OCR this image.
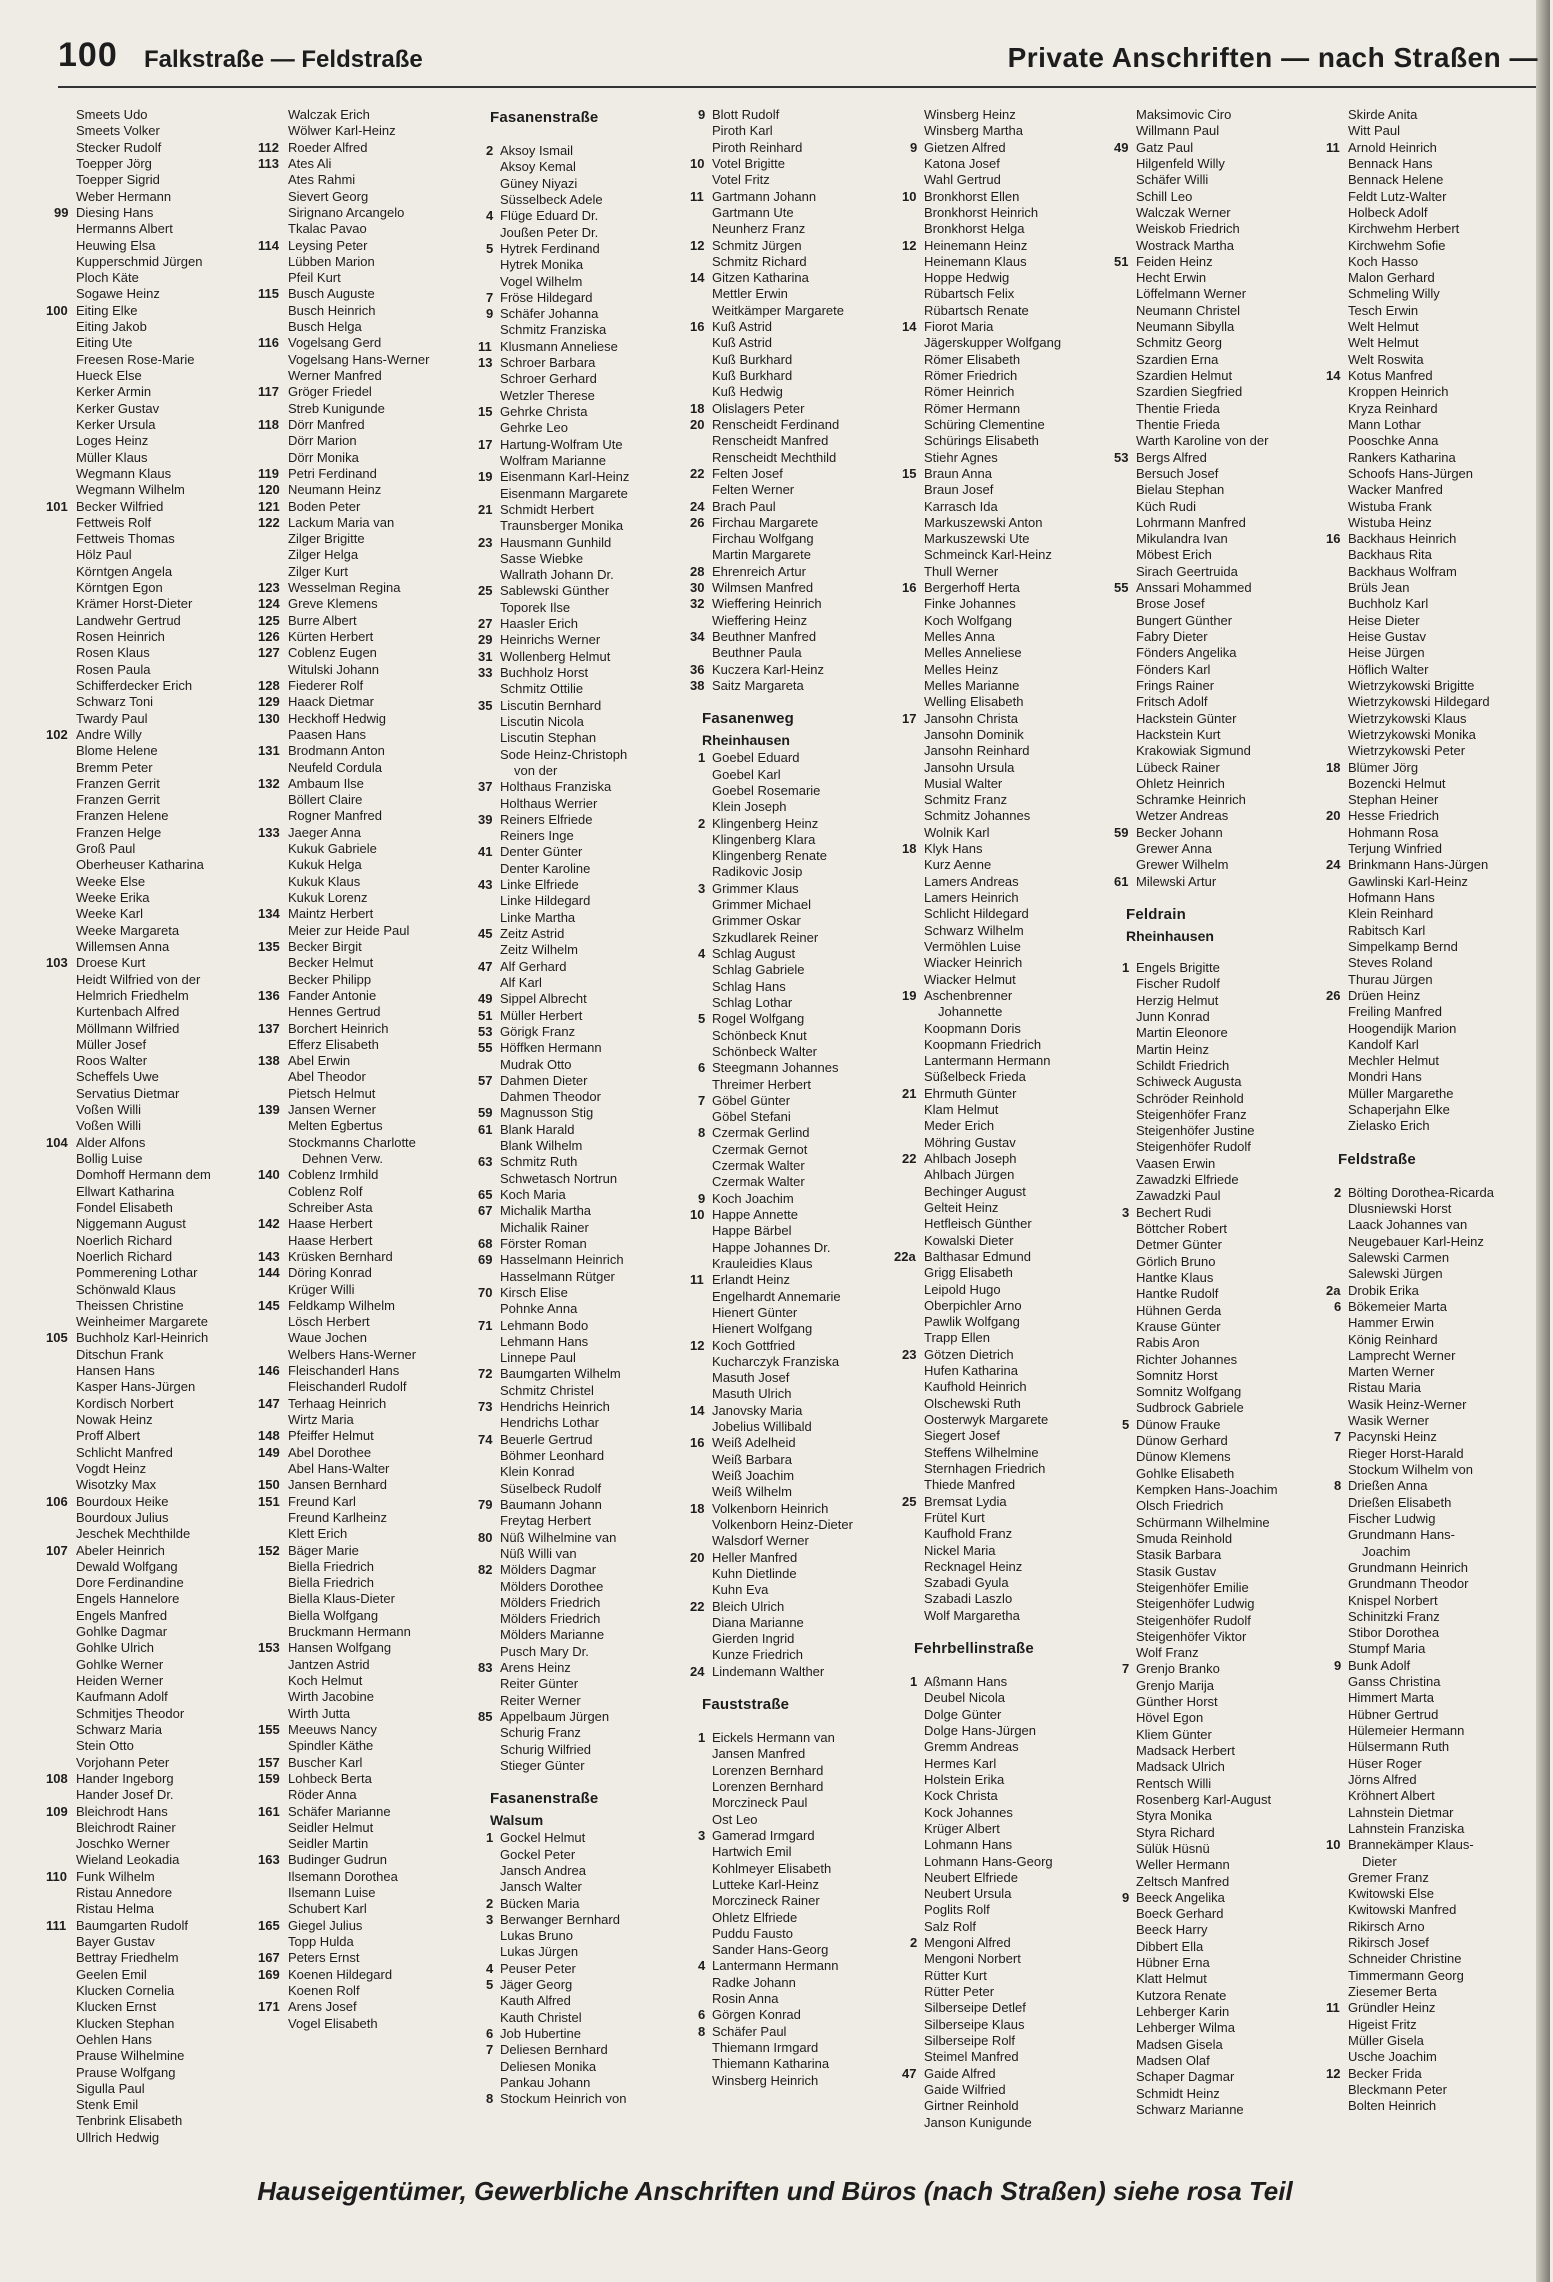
100 Falkstraße — Feldstraße	Private Anschriften — nach Straßen —
Smeets Udo
Smeets Volker
Stecker Rudolf
Toepper Jörg
Toepper Sigrid
Weber Hermann
99 Diesing Hans
Hermanns Albert
Heuwing Elsa
Kupperschmid Jürgen
Ploch Käte
Sogawe Heinz
100 Eiting Elke
Eiting Jakob
Eiting Ute
Freesen Rose-Marie
Hueck Else
Kerker Armin
Kerker Gustav
Kerker Ursula
Loges Heinz
Müller Klaus
Wegmann Klaus
Wegmann Wilhelm
101 Becker Wilfried
Fettweis Rolf
Fettweis Thomas
Hölz Paul
Körntgen Angela
Körntgen Egon
Krämer Horst-Dieter
Landwehr Gertrud
Rosen Heinrich
Rosen Klaus
Rosen Paula
Schifferdecker Erich
Schwarz Toni
Twardy Paul
102 Andre Willy
Blome Helene
Bremm Peter
Franzen Gerrit
Franzen Gerrit
Franzen Helene
Franzen Helge
Groß Paul
Oberheuser Katharina
Weeke Else
Weeke Erika
Weeke Karl
Weeke Margareta
Willemsen Anna
103 Droese Kurt
Heidt Wilfried von der
Helmrich Friedhelm
Kurtenbach Alfred
Möllmann Wilfried
Müller Josef
Roos Walter
Scheffels Uwe
Servatius Dietmar
Voßen Willi
Voßen Willi
104 Alder Alfons
Bollig Luise
Domhoff Hermann dem
Ellwart Katharina
Fondel Elisabeth
Niggemann August
Noerlich Richard
Noerlich Richard
Pommerening Lothar
Schönwald Klaus
Theissen Christine
Weinheimer Margarete
105 Buchholz Karl-Heinrich
Ditschun Frank
Hansen Hans
Kasper Hans-Jürgen
Kordisch Norbert
Nowak Heinz
Proff Albert
Schlicht Manfred
Vogdt Heinz
Wisotzky Max
106 Bourdoux Heike
Bourdoux Julius
Jeschek Mechthilde
107 Abeler Heinrich
Dewald Wolfgang
Dore Ferdinandine
Engels Hannelore
Engels Manfred
Gohlke Dagmar
Gohlke Ulrich
Gohlke Werner
Heiden Werner
Kaufmann Adolf
Schmitjes Theodor
Schwarz Maria
Stein Otto
Vorjohann Peter
108 Hander Ingeborg
Hander Josef Dr.
109 Bleichrodt Hans
Bleichrodt Rainer
Joschko Werner
Wieland Leokadia
110 Funk Wilhelm
Ristau Annedore
Ristau Helma
111 Baumgarten Rudolf
Bayer Gustav
Bettray Friedhelm
Geelen Emil
Klucken Cornelia
Klucken Ernst
Klucken Stephan
Oehlen Hans
Prause Wilhelmine
Prause Wolfgang
Sigulla Paul
Stenk Emil
Tenbrink Elisabeth
Ullrich Hedwig
Walczak Erich
Wölwer Karl-Heinz
112 Roeder Alfred
113 Ates Ali
Ates Rahmi
Sievert Georg
Sirignano Arcangelo
Tkalac Pavao
114 Leysing Peter
Lübben Marion
Pfeil Kurt
115 Busch Auguste
Busch Heinrich
Busch Helga
116 Vogelsang Gerd
Vogelsang Hans-Werner
Werner Manfred
117 Gröger Friedel
Streb Kunigunde
118 Dörr Manfred
Dörr Marion
Dörr Monika
119 Petri Ferdinand
120 Neumann Heinz
121 Boden Peter
122 Lackum Maria van
Zilger Brigitte
Zilger Helga
Zilger Kurt
123 Wesselman Regina
124 Greve Klemens
125 Burre Albert
126 Kürten Herbert
127 Coblenz Eugen
Witulski Johann
128 Fiederer Rolf
129 Haack Dietmar
130 Heckhoff Hedwig
Paasen Hans
131 Brodmann Anton
Neufeld Cordula
132 Ambaum Ilse
Böllert Claire
Rogner Manfred
133 Jaeger Anna
Kukuk Gabriele
Kukuk Helga
Kukuk Klaus
Kukuk Lorenz
134 Maintz Herbert
Meier zur Heide Paul
135 Becker Birgit
Becker Helmut
Becker Philipp
136 Fander Antonie
Hennes Gertrud
137 Borchert Heinrich
Efferz Elisabeth
138 Abel Erwin
Abel Theodor
Pietsch Helmut
139 Jansen Werner
Melten Egbertus
Stockmanns Charlotte
Dehnen Verw.
140 Coblenz Irmhild
Coblenz Rolf
Schreiber Asta
142 Haase Herbert
Haase Herbert
143 Krüsken Bernhard
144 Döring Konrad
Krüger Willi
145 Feldkamp Wilhelm
Lösch Herbert
Waue Jochen
Welbers Hans-Werner
146 Fleischanderl Hans
Fleischanderl Rudolf
147 Terhaag Heinrich
Wirtz Maria
148 Pfeiffer Helmut
149 Abel Dorothee
Abel Hans-Walter
150 Jansen Bernhard
151 Freund Karl
Freund Karlheinz
Klett Erich
152 Bäger Marie
Biella Friedrich
Biella Friedrich
Biella Klaus-Dieter
Biella Wolfgang
Bruckmann Hermann
153 Hansen Wolfgang
Jantzen Astrid
Koch Helmut
Wirth Jacobine
Wirth Jutta
155 Meeuws Nancy
Spindler Käthe
157 Buscher Karl
159 Lohbeck Berta
Röder Anna
161 Schäfer Marianne
Seidler Helmut
Seidler Martin
163 Budinger Gudrun
Ilsemann Dorothea
Ilsemann Luise
Schubert Karl
165 Giegel Julius
Topp Hulda
167 Peters Ernst
169 Koenen Hildegard
Koenen Rolf
171 Arens Josef
Vogel Elisabeth
Fasanenstraße
2 Aksoy Ismail
Aksoy Kemal
Güney Niyazi
Süsselbeck Adele
4 Flüge Eduard Dr.
Joußen Peter Dr.
5 Hytrek Ferdinand
Hytrek Monika
Vogel Wilhelm
7 Fröse Hildegard
9 Schäfer Johanna
Schmitz Franziska
11 Klusmann Anneliese
13 Schroer Barbara
Schroer Gerhard
Wetzler Therese
15 Gehrke Christa
Gehrke Leo
17 Hartung-Wolfram Ute
Wolfram Marianne
19 Eisenmann Karl-Heinz
Eisenmann Margarete
21 Schmidt Herbert
Traunsberger Monika
23 Hausmann Gunhild
Sasse Wiebke
Wallrath Johann Dr.
25 Sablewski Günther
Toporek Ilse
27 Haasler Erich
29 Heinrichs Werner
31 Wollenberg Helmut
33 Buchholz Horst
Schmitz Ottilie
35 Liscutin Bernhard
Liscutin Nicola
Liscutin Stephan
Sode Heinz-Christoph
von der
37 Holthaus Franziska
Holthaus Werrier
39 Reiners Elfriede
Reiners Inge
41 Denter Günter
Denter Karoline
43 Linke Elfriede
Linke Hildegard
Linke Martha
45 Zeitz Astrid
Zeitz Wilhelm
47 Alf Gerhard
Alf Karl
49 Sippel Albrecht
51 Müller Herbert
53 Görigk Franz
55 Höffken Hermann
Mudrak Otto
57 Dahmen Dieter
Dahmen Theodor
59 Magnusson Stig
61 Blank Harald
Blank Wilhelm
63 Schmitz Ruth
Schwetasch Nortrun
65 Koch Maria
67 Michalik Martha
Michalik Rainer
68 Förster Roman
69 Hasselmann Heinrich
Hasselmann Rütger
70 Kirsch Elise
Pohnke Anna
71 Lehmann Bodo
Lehmann Hans
Linnepe Paul
72 Baumgarten Wilhelm
Schmitz Christel
73 Hendrichs Heinrich
Hendrichs Lothar
74 Beuerle Gertrud
Böhmer Leonhard
Klein Konrad
Süselbeck Rudolf
79 Baumann Johann
Freytag Herbert
80 Nüß Wilhelmine van
Nüß Willi van
82 Mölders Dagmar
Mölders Dorothee
Mölders Friedrich
Mölders Friedrich
Mölders Marianne
Pusch Mary Dr.
83 Arens Heinz
Reiter Günter
Reiter Werner
85 Appelbaum Jürgen
Schurig Franz
Schurig Wilfried
Stieger Günter
Fasanenstraße
Walsum
1 Gockel Helmut
Gockel Peter
Jansch Andrea
Jansch Walter
2 Bücken Maria
3 Berwanger Bernhard
Lukas Bruno
Lukas Jürgen
4 Peuser Peter
5 Jäger Georg
Kauth Alfred
Kauth Christel
6 Job Hubertine
7 Deliesen Bernhard
Deliesen Monika
Pankau Johann
8 Stockum Heinrich von
9 Blott Rudolf
Piroth Karl
Piroth Reinhard
10 Votel Brigitte
Votel Fritz
11 Gartmann Johann
Gartmann Ute
Neunherz Franz
12 Schmitz Jürgen
Schmitz Richard
14 Gitzen Katharina
Mettler Erwin
Weitkämper Margarete
16 Kuß Astrid
Kuß Astrid
Kuß Burkhard
Kuß Burkhard
Kuß Hedwig
18 Olislagers Peter
20 Renscheidt Ferdinand
Renscheidt Manfred
Renscheidt Mechthild
22 Felten Josef
Felten Werner
24 Brach Paul
26 Firchau Margarete
Firchau Wolfgang
Martin Margarete
28 Ehrenreich Artur
30 Wilmsen Manfred
32 Wieffering Heinrich
Wieffering Heinz
34 Beuthner Manfred
Beuthner Paula
36 Kuczera Karl-Heinz
38 Saitz Margareta
Fasanenweg
Rheinhausen
1 Goebel Eduard
Goebel Karl
Goebel Rosemarie
Klein Joseph
2 Klingenberg Heinz
Klingenberg Klara
Klingenberg Renate
Radikovic Josip
3 Grimmer Klaus
Grimmer Michael
Grimmer Oskar
Szkudlarek Reiner
4 Schlag August
Schlag Gabriele
Schlag Hans
Schlag Lothar
5 Rogel Wolfgang
Schönbeck Knut
Schönbeck Walter
6 Steegmann Johannes
Threimer Herbert
7 Göbel Günter
Göbel Stefani
8 Czermak Gerlind
Czermak Gernot
Czermak Walter
Czermak Walter
9 Koch Joachim
10 Happe Annette
Happe Bärbel
Happe Johannes Dr.
Krauleidies Klaus
11 Erlandt Heinz
Engelhardt Annemarie
Hienert Günter
Hienert Wolfgang
12 Koch Gottfried
Kucharczyk Franziska
Masuth Josef
Masuth Ulrich
14 Janovsky Maria
Jobelius Willibald
16 Weiß Adelheid
Weiß Barbara
Weiß Joachim
Weiß Wilhelm
18 Volkenborn Heinrich
Volkenborn Heinz-Dieter
Walsdorf Werner
20 Heller Manfred
Kuhn Dietlinde
Kuhn Eva
22 Bleich Ulrich
Diana Marianne
Gierden Ingrid
Kunze Friedrich
24 Lindemann Walther
Fauststraße
1 Eickels Hermann van
Jansen Manfred
Lorenzen Bernhard
Lorenzen Bernhard
Morczineck Paul
Ost Leo
3 Gamerad Irmgard
Hartwich Emil
Kohlmeyer Elisabeth
Lutteke Karl-Heinz
Morczineck Rainer
Ohletz Elfriede
Puddu Fausto
Sander Hans-Georg
4 Lantermann Hermann
Radke Johann
Rosin Anna
6 Görgen Konrad
8 Schäfer Paul
Thiemann Irmgard
Thiemann Katharina
Winsberg Heinrich
Winsberg Heinz
Winsberg Martha
9 Gietzen Alfred
Katona Josef
Wahl Gertrud
10 Bronkhorst Ellen
Bronkhorst Heinrich
Bronkhorst Helga
12 Heinemann Heinz
Heinemann Klaus
Hoppe Hedwig
Rübartsch Felix
Rübartsch Renate
14 Fiorot Maria
Jägerskupper Wolfgang
Römer Elisabeth
Römer Friedrich
Römer Heinrich
Römer Hermann
Schüring Clementine
Schürings Elisabeth
Stiehr Agnes
15 Braun Anna
Braun Josef
Karrasch Ida
Markuszewski Anton
Markuszewski Ute
Schmeinck Karl-Heinz
Thull Werner
16 Bergerhoff Herta
Finke Johannes
Koch Wolfgang
Melles Anna
Melles Anneliese
Melles Heinz
Melles Marianne
Welling Elisabeth
17 Jansohn Christa
Jansohn Dominik
Jansohn Reinhard
Jansohn Ursula
Musial Walter
Schmitz Franz
Schmitz Johannes
Wolnik Karl
18 Klyk Hans
Kurz Aenne
Lamers Andreas
Lamers Heinrich
Schlicht Hildegard
Schwarz Wilhelm
Vermöhlen Luise
Wiacker Heinrich
Wiacker Helmut
19 Aschenbrenner
Johannette
Koopmann Doris
Koopmann Friedrich
Lantermann Hermann
Süßelbeck Frieda
21 Ehrmuth Günter
Klam Helmut
Meder Erich
Möhring Gustav
22 Ahlbach Joseph
Ahlbach Jürgen
Bechinger August
Gelteit Heinz
Hetfleisch Günther
Kowalski Dieter
22a Balthasar Edmund
Grigg Elisabeth
Leipold Hugo
Oberpichler Arno
Pawlik Wolfgang
Trapp Ellen
23 Götzen Dietrich
Hufen Katharina
Kaufhold Heinrich
Olschewski Ruth
Oosterwyk Margarete
Siegert Josef
Steffens Wilhelmine
Sternhagen Friedrich
Thiede Manfred
25 Bremsat Lydia
Frütel Kurt
Kaufhold Franz
Nickel Maria
Recknagel Heinz
Szabadi Gyula
Szabadi Laszlo
Wolf Margaretha
Fehrbellinstraße
1 Aßmann Hans
Deubel Nicola
Dolge Günter
Dolge Hans-Jürgen
Gremm Andreas
Hermes Karl
Holstein Erika
Kock Christa
Kock Johannes
Krüger Albert
Lohmann Hans
Lohmann Hans-Georg
Neubert Elfriede
Neubert Ursula
Poglits Rolf
Salz Rolf
2 Mengoni Alfred
Mengoni Norbert
Rütter Kurt
Rütter Peter
Silberseipe Detlef
Silberseipe Klaus
Silberseipe Rolf
Steimel Manfred
47 Gaide Alfred
Gaide Wilfried
Girtner Reinhold
Janson Kunigunde
Maksimovic Ciro
Willmann Paul
49 Gatz Paul
Hilgenfeld Willy
Schäfer Willi
Schill Leo
Walczak Werner
Weiskob Friedrich
Wostrack Martha
51 Feiden Heinz
Hecht Erwin
Löffelmann Werner
Neumann Christel
Neumann Sibylla
Schmitz Georg
Szardien Erna
Szardien Helmut
Szardien Siegfried
Thentie Frieda
Thentie Frieda
Warth Karoline von der
53 Bergs Alfred
Bersuch Josef
Bielau Stephan
Küch Rudi
Lohrmann Manfred
Mikulandra Ivan
Möbest Erich
Sirach Geertruida
55 Anssari Mohammed
Brose Josef
Bungert Günther
Fabry Dieter
Fönders Angelika
Fönders Karl
Frings Rainer
Fritsch Adolf
Hackstein Günter
Hackstein Kurt
Krakowiak Sigmund
Lübeck Rainer
Ohletz Heinrich
Schramke Heinrich
Wetzer Andreas
59 Becker Johann
Grewer Anna
Grewer Wilhelm
61 Milewski Artur
Feldrain
Rheinhausen
1 Engels Brigitte
Fischer Rudolf
Herzig Helmut
Junn Konrad
Martin Eleonore
Martin Heinz
Schildt Friedrich
Schiweck Augusta
Schröder Reinhold
Steigenhöfer Franz
Steigenhöfer Justine
Steigenhöfer Rudolf
Vaasen Erwin
Zawadzki Elfriede
Zawadzki Paul
3 Bechert Rudi
Böttcher Robert
Detmer Günter
Görlich Bruno
Hantke Klaus
Hantke Rudolf
Hühnen Gerda
Krause Günter
Rabis Aron
Richter Johannes
Somnitz Horst
Somnitz Wolfgang
Sudbrock Gabriele
5 Dünow Frauke
Dünow Gerhard
Dünow Klemens
Gohlke Elisabeth
Kempken Hans-Joachim
Olsch Friedrich
Schürmann Wilhelmine
Smuda Reinhold
Stasik Barbara
Stasik Gustav
Steigenhöfer Emilie
Steigenhöfer Ludwig
Steigenhöfer Rudolf
Steigenhöfer Viktor
Wolf Franz
7 Grenjo Branko
Grenjo Marija
Günther Horst
Hövel Egon
Kliem Günter
Madsack Herbert
Madsack Ulrich
Rentsch Willi
Rosenberg Karl-August
Styra Monika
Styra Richard
Sülük Hüsnü
Weller Hermann
Zeltsch Manfred
9 Beeck Angelika
Boeck Gerhard
Beeck Harry
Dibbert Ella
Hübner Erna
Klatt Helmut
Kutzora Renate
Lehberger Karin
Lehberger Wilma
Madsen Gisela
Madsen Olaf
Schaper Dagmar
Schmidt Heinz
Schwarz Marianne
Skirde Anita
Witt Paul
11 Arnold Heinrich
Bennack Hans
Bennack Helene
Feldt Lutz-Walter
Holbeck Adolf
Kirchwehm Herbert
Kirchwehm Sofie
Koch Hasso
Malon Gerhard
Schmeling Willy
Tesch Erwin
Welt Helmut
Welt Helmut
Welt Roswita
14 Kotus Manfred
Kroppen Heinrich
Kryza Reinhard
Mann Lothar
Pooschke Anna
Rankers Katharina
Schoofs Hans-Jürgen
Wacker Manfred
Wistuba Frank
Wistuba Heinz
16 Backhaus Heinrich
Backhaus Rita
Backhaus Wolfram
Brüls Jean
Buchholz Karl
Heise Dieter
Heise Gustav
Heise Jürgen
Höflich Walter
Wietrzykowski Brigitte
Wietrzykowski Hildegard
Wietrzykowski Klaus
Wietrzykowski Monika
Wietrzykowski Peter
18 Blümer Jörg
Bozencki Helmut
Stephan Heiner
20 Hesse Friedrich
Hohmann Rosa
Terjung Winfried
24 Brinkmann Hans-Jürgen
Gawlinski Karl-Heinz
Hofmann Hans
Klein Reinhard
Rabitsch Karl
Simpelkamp Bernd
Steves Roland
Thurau Jürgen
26 Drüen Heinz
Freiling Manfred
Hoogendijk Marion
Kandolf Karl
Mechler Helmut
Mondri Hans
Müller Margarethe
Schaperjahn Elke
Zielasko Erich
Feldstraße
2 Bölting Dorothea-Ricarda
Dlusniewski Horst
Laack Johannes van
Neugebauer Karl-Heinz
Salewski Carmen
Salewski Jürgen
2a Drobik Erika
6 Bökemeier Marta
Hammer Erwin
König Reinhard
Lamprecht Werner
Marten Werner
Ristau Maria
Wasik Heinz-Werner
Wasik Werner
7 Pacynski Heinz
Rieger Horst-Harald
Stockum Wilhelm von
8 Drießen Anna
Drießen Elisabeth
Fischer Ludwig
Grundmann Hans-
Joachim
Grundmann Heinrich
Grundmann Theodor
Knispel Norbert
Schinitzki Franz
Stibor Dorothea
Stumpf Maria
9 Bunk Adolf
Ganss Christina
Himmert Marta
Hübner Gertrud
Hülemeier Hermann
Hülsermann Ruth
Hüser Roger
Jörns Alfred
Kröhnert Albert
Lahnstein Dietmar
Lahnstein Franziska
10 Brannekämper Klaus-
Dieter
Gremer Franz
Kwitowski Else
Kwitowski Manfred
Rikirsch Arno
Rikirsch Josef
Schneider Christine
Timmermann Georg
Ziesemer Berta
11 Gründler Heinz
Higeist Fritz
Müller Gisela
Usche Joachim
12 Becker Frida
Bleckmann Peter
Bolten Heinrich
Hauseigentümer, Gewerbliche Anschriften und Büros (nach Straßen) siehe rosa Teil
